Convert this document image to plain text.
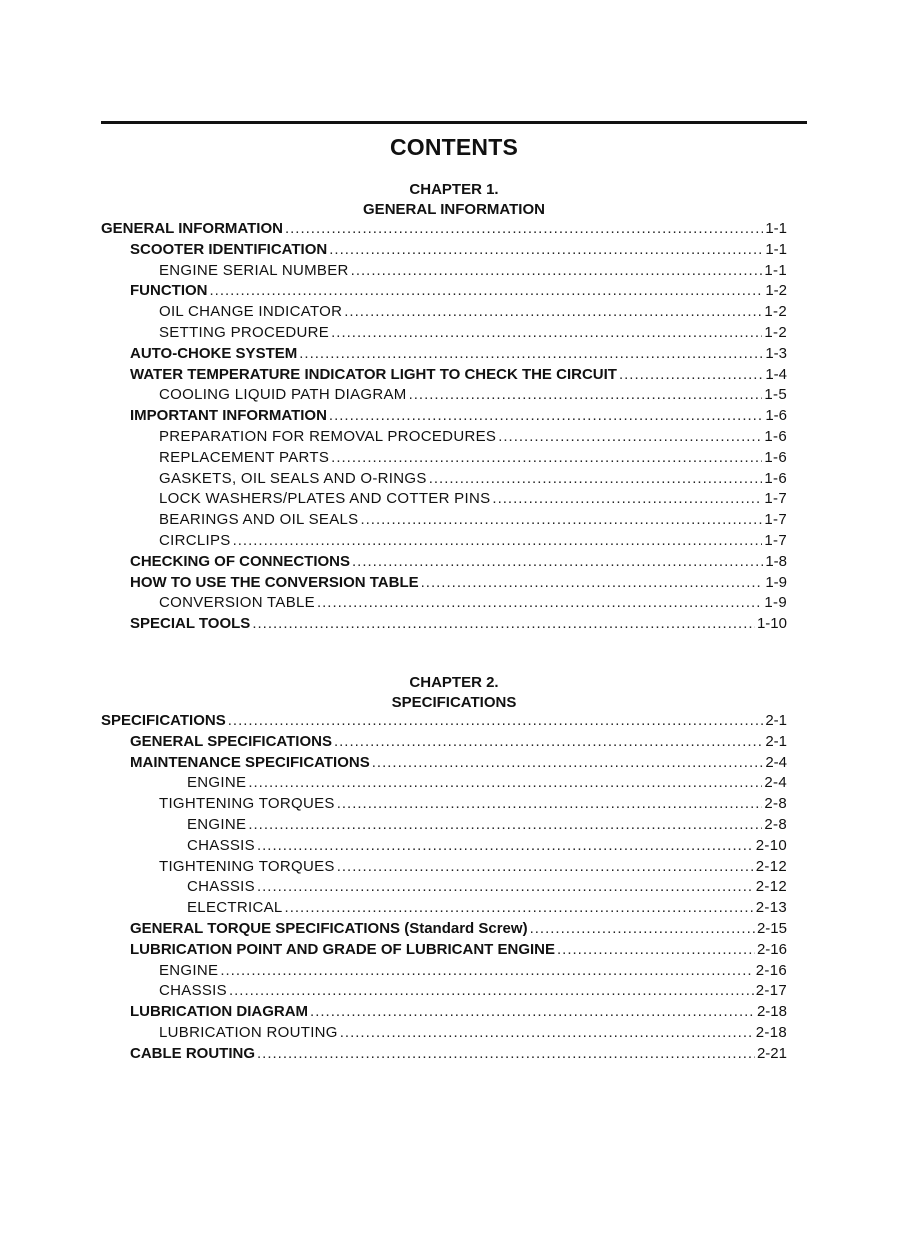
CONTENTS
CHAPTER 1.
GENERAL INFORMATION
GENERAL INFORMATION .....	1-1
SCOOTER IDENTIFICATION .....	1-1
ENGINE SERIAL NUMBER .....	1-1
FUNCTION .....	1-2
OIL CHANGE INDICATOR .....	1-2
SETTING PROCEDURE .....	1-2
AUTO-CHOKE SYSTEM .....	1-3
WATER TEMPERATURE INDICATOR LIGHT TO CHECK THE CIRCUIT .....	1-4
COOLING LIQUID PATH DIAGRAM .....	1-5
IMPORTANT INFORMATION .....	1-6
PREPARATION FOR REMOVAL PROCEDURES .....	1-6
REPLACEMENT PARTS .....	1-6
GASKETS, OIL SEALS AND O-RINGS .....	1-6
LOCK WASHERS/PLATES AND COTTER PINS .....	1-7
BEARINGS AND OIL SEALS .....	1-7
CIRCLIPS .....	1-7
CHECKING OF CONNECTIONS .....	1-8
HOW TO USE THE CONVERSION TABLE .....	1-9
CONVERSION TABLE .....	1-9
SPECIAL TOOLS .....	1-10
CHAPTER 2.
SPECIFICATIONS
SPECIFICATIONS .....	2-1
GENERAL SPECIFICATIONS .....	2-1
MAINTENANCE SPECIFICATIONS .....	2-4
ENGINE .....	2-4
TIGHTENING TORQUES .....	2-8
ENGINE .....	2-8
CHASSIS .....	2-10
TIGHTENING TORQUES .....	2-12
CHASSIS .....	2-12
ELECTRICAL .....	2-13
GENERAL TORQUE SPECIFICATIONS (Standard Screw) .....	2-15
LUBRICATION POINT AND GRADE OF LUBRICANT ENGINE .....	2-16
ENGINE .....	2-16
CHASSIS .....	2-17
LUBRICATION DIAGRAM .....	2-18
LUBRICATION ROUTING .....	2-18
CABLE ROUTING .....	2-21
